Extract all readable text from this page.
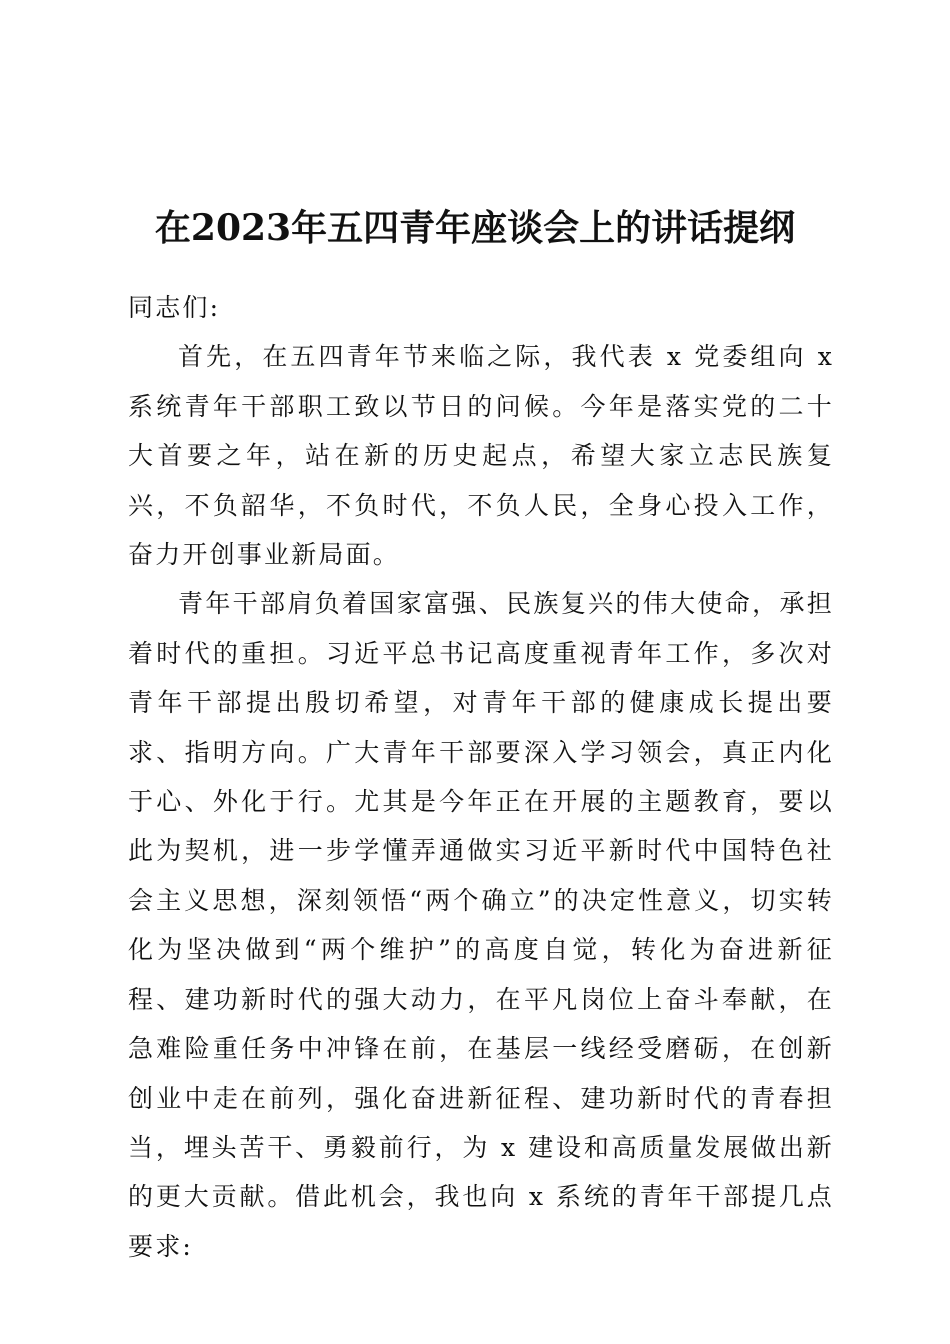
在2023年五四青年座谈会上的讲话提纲

同志们:

首先，在五四青年节来临之际，我代表 x 党委组向 x 系统青年干部职工致以节日的问候。今年是落实党的二十大首要之年，站在新的历史起点，希望大家立志民族复兴，不负韶华，不负时代，不负人民，全身心投入工作，奋力开创事业新局面。

青年干部肩负着国家富强、民族复兴的伟大使命，承担着时代的重担。习近平总书记高度重视青年工作，多次对青年干部提出殷切希望，对青年干部的健康成长提出要求、指明方向。广大青年干部要深入学习领会，真正内化于心、外化于行。尤其是今年正在开展的主题教育，要以此为契机，进一步学懂弄通做实习近平新时代中国特色社会主义思想，深刻领悟“两个确立”的决定性意义，切实转化为坚决做到“两个维护”的高度自觉，转化为奋进新征程、建功新时代的强大动力，在平凡岗位上奋斗奉献，在急难险重任务中冲锋在前，在基层一线经受磨砺，在创新创业中走在前列，强化奋进新征程、建功新时代的青春担当，埋头苦干、勇毅前行，为 x 建设和高质量发展做出新的更大贡献。借此机会，我也向 x 系统的青年干部提几点要求:
